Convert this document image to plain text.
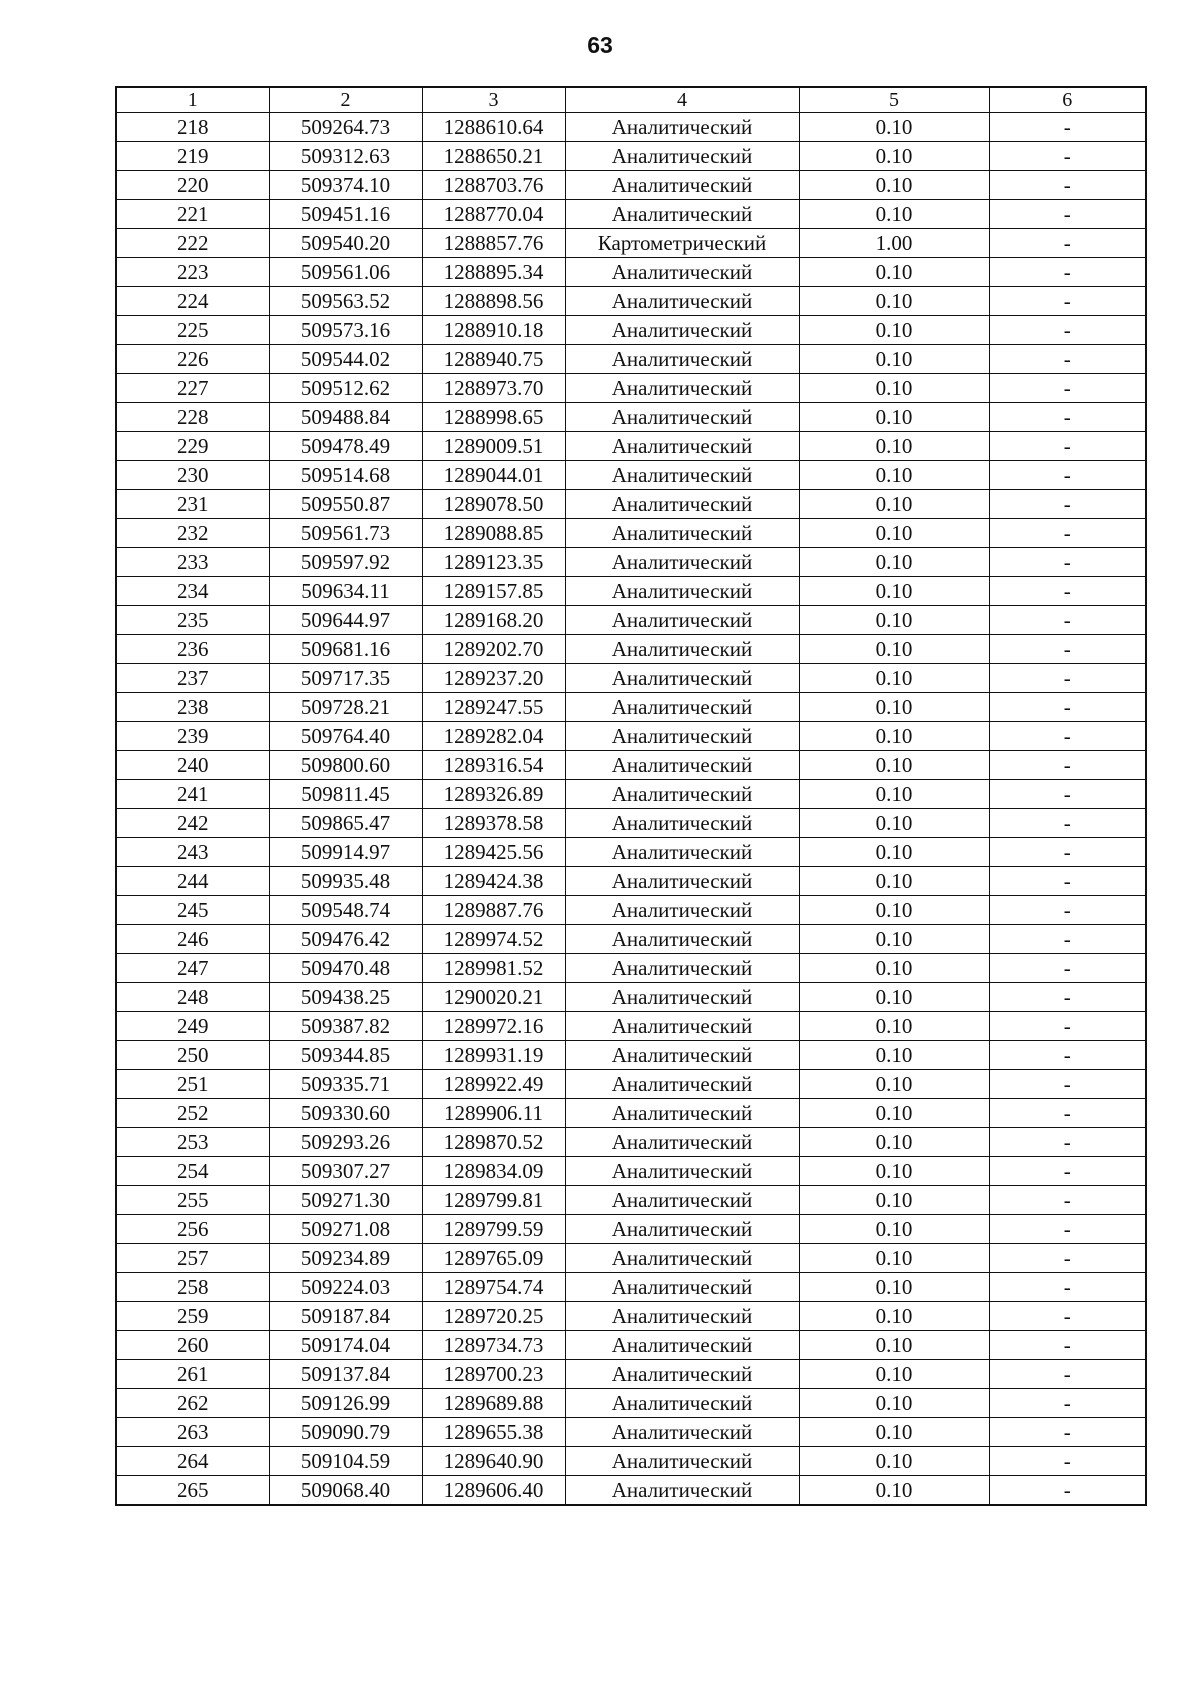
63
1	2	3	4	5	6
218	509264.73	1288610.64	Аналитический	0.10	-
219	509312.63	1288650.21	Аналитический	0.10	-
220	509374.10	1288703.76	Аналитический	0.10	-
221	509451.16	1288770.04	Аналитический	0.10	-
222	509540.20	1288857.76	Картометрический	1.00	-
223	509561.06	1288895.34	Аналитический	0.10	-
224	509563.52	1288898.56	Аналитический	0.10	-
225	509573.16	1288910.18	Аналитический	0.10	-
226	509544.02	1288940.75	Аналитический	0.10	-
227	509512.62	1288973.70	Аналитический	0.10	-
228	509488.84	1288998.65	Аналитический	0.10	-
229	509478.49	1289009.51	Аналитический	0.10	-
230	509514.68	1289044.01	Аналитический	0.10	-
231	509550.87	1289078.50	Аналитический	0.10	-
232	509561.73	1289088.85	Аналитический	0.10	-
233	509597.92	1289123.35	Аналитический	0.10	-
234	509634.11	1289157.85	Аналитический	0.10	-
235	509644.97	1289168.20	Аналитический	0.10	-
236	509681.16	1289202.70	Аналитический	0.10	-
237	509717.35	1289237.20	Аналитический	0.10	-
238	509728.21	1289247.55	Аналитический	0.10	-
239	509764.40	1289282.04	Аналитический	0.10	-
240	509800.60	1289316.54	Аналитический	0.10	-
241	509811.45	1289326.89	Аналитический	0.10	-
242	509865.47	1289378.58	Аналитический	0.10	-
243	509914.97	1289425.56	Аналитический	0.10	-
244	509935.48	1289424.38	Аналитический	0.10	-
245	509548.74	1289887.76	Аналитический	0.10	-
246	509476.42	1289974.52	Аналитический	0.10	-
247	509470.48	1289981.52	Аналитический	0.10	-
248	509438.25	1290020.21	Аналитический	0.10	-
249	509387.82	1289972.16	Аналитический	0.10	-
250	509344.85	1289931.19	Аналитический	0.10	-
251	509335.71	1289922.49	Аналитический	0.10	-
252	509330.60	1289906.11	Аналитический	0.10	-
253	509293.26	1289870.52	Аналитический	0.10	-
254	509307.27	1289834.09	Аналитический	0.10	-
255	509271.30	1289799.81	Аналитический	0.10	-
256	509271.08	1289799.59	Аналитический	0.10	-
257	509234.89	1289765.09	Аналитический	0.10	-
258	509224.03	1289754.74	Аналитический	0.10	-
259	509187.84	1289720.25	Аналитический	0.10	-
260	509174.04	1289734.73	Аналитический	0.10	-
261	509137.84	1289700.23	Аналитический	0.10	-
262	509126.99	1289689.88	Аналитический	0.10	-
263	509090.79	1289655.38	Аналитический	0.10	-
264	509104.59	1289640.90	Аналитический	0.10	-
265	509068.40	1289606.40	Аналитический	0.10	-
